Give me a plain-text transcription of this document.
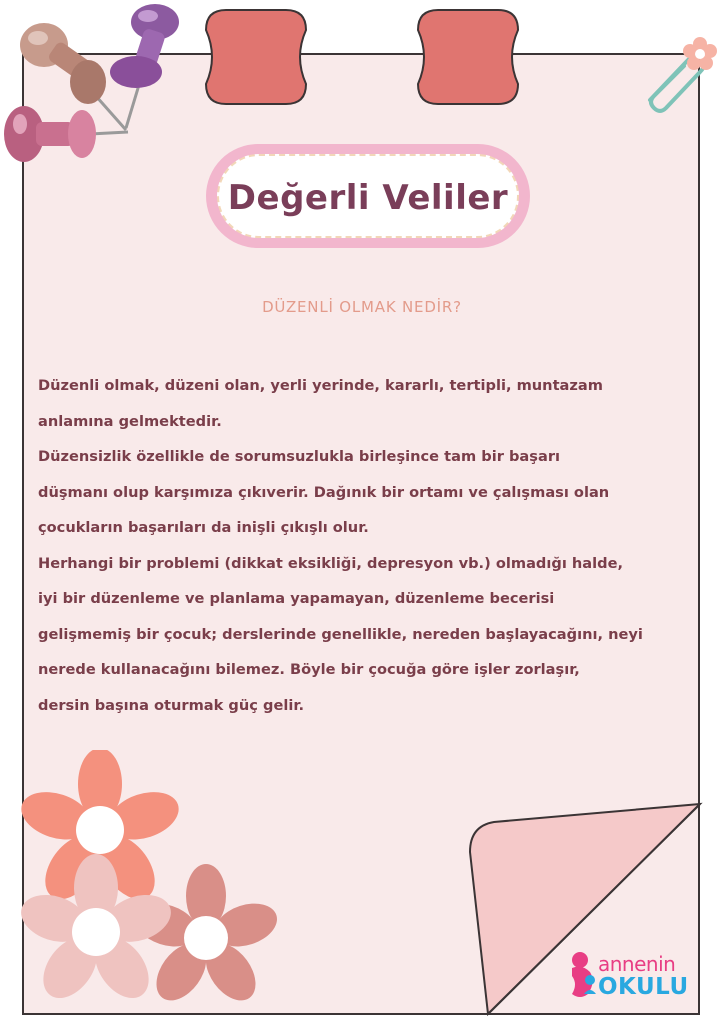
Değerli Veliler
DÜZENLİ OLMAK NEDİR?

Düzenli olmak, düzeni olan, yerli yerinde, kararlı, tertipli, muntazam

anlamına gelmektedir.

Düzensizlik özellikle de sorumsuzlukla birleşince tam bir başarı

düşmanı olup karşımıza çıkıverir. Dağınık bir ortamı ve çalışması olan

çocukların başarıları da inişli çıkışlı olur.

Herhangi bir problemi (dikkat eksikliği, depresyon vb.) olmadığı halde,

iyi bir düzenleme ve planlama yapamayan, düzenleme becerisi

gelişmemiş bir çocuk; derslerinde genellikle, nereden başlayacağını, neyi

nerede kullanacağını bilemez. Böyle bir çocuğa göre işler zorlaşır,

dersin başına oturmak güç gelir.

annenin
OKULU
